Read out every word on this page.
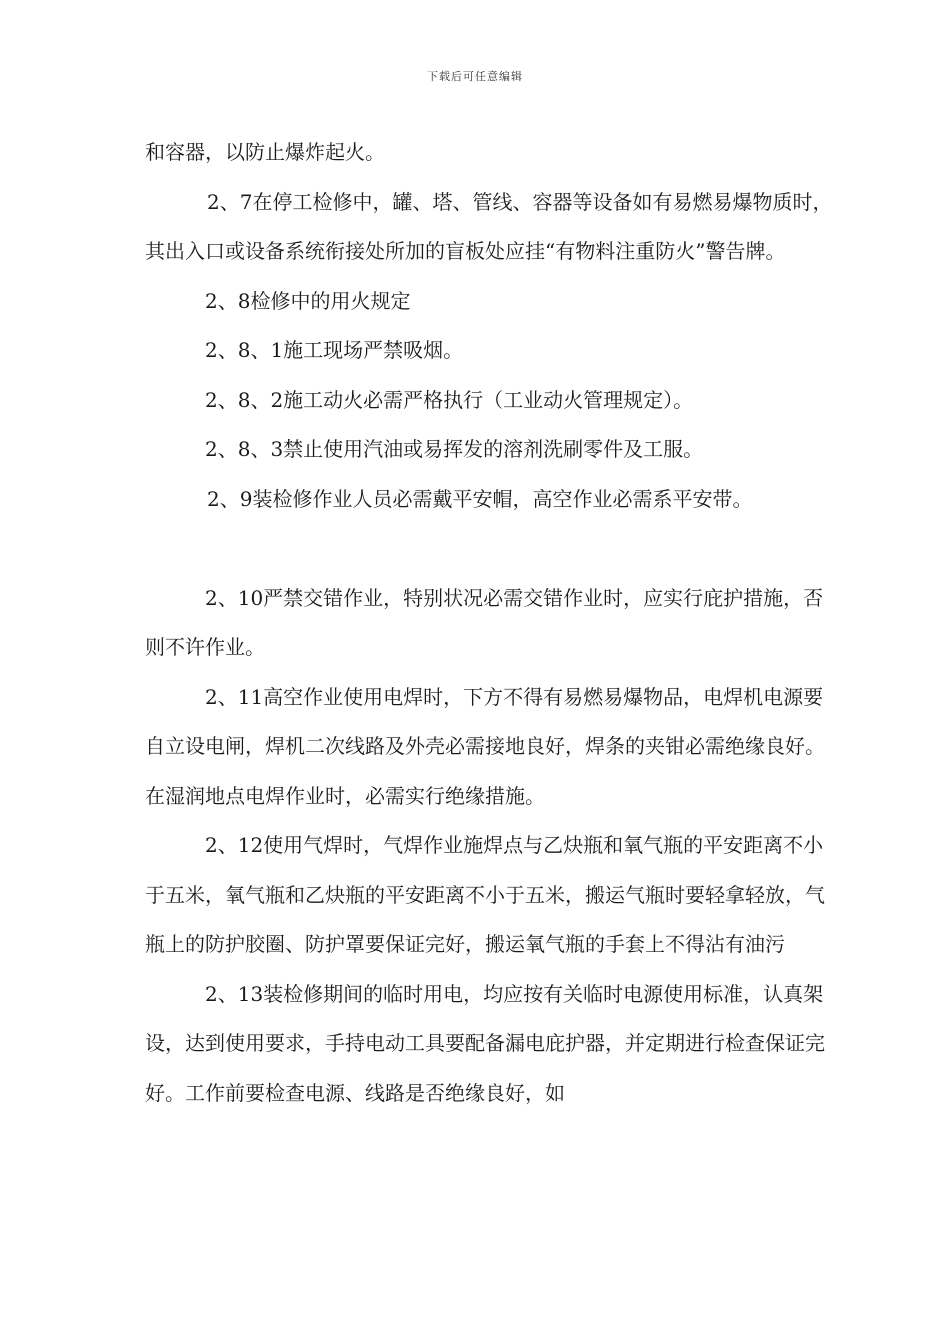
下载后可任意编辑

和容器，以防止爆炸起火。

2、7在停工检修中，罐、塔、管线、容器等设备如有易燃易爆物质时，其出入口或设备系统衔接处所加的盲板处应挂“有物料注重防火”警告牌。

2、8检修中的用火规定

2、8、1施工现场严禁吸烟。

2、8、2施工动火必需严格执行（工业动火管理规定）。

2、8、3禁止使用汽油或易挥发的溶剂洗刷零件及工服。

2、9装检修作业人员必需戴平安帽，高空作业必需系平安带。

2、10严禁交错作业，特别状况必需交错作业时，应实行庇护措施，否则不许作业。

2、11高空作业使用电焊时，下方不得有易燃易爆物品，电焊机电源要自立设电闸，焊机二次线路及外壳必需接地良好，焊条的夹钳必需绝缘良好。在湿润地点电焊作业时，必需实行绝缘措施。

2、12使用气焊时，气焊作业施焊点与乙炔瓶和氧气瓶的平安距离不小于五米，氧气瓶和乙炔瓶的平安距离不小于五米，搬运气瓶时要轻拿轻放，气瓶上的防护胶圈、防护罩要保证完好，搬运氧气瓶的手套上不得沾有油污

2、13装检修期间的临时用电，均应按有关临时电源使用标准，认真架设，达到使用要求，手持电动工具要配备漏电庇护器，并定期进行检查保证完好。工作前要检查电源、线路是否绝缘良好，如
